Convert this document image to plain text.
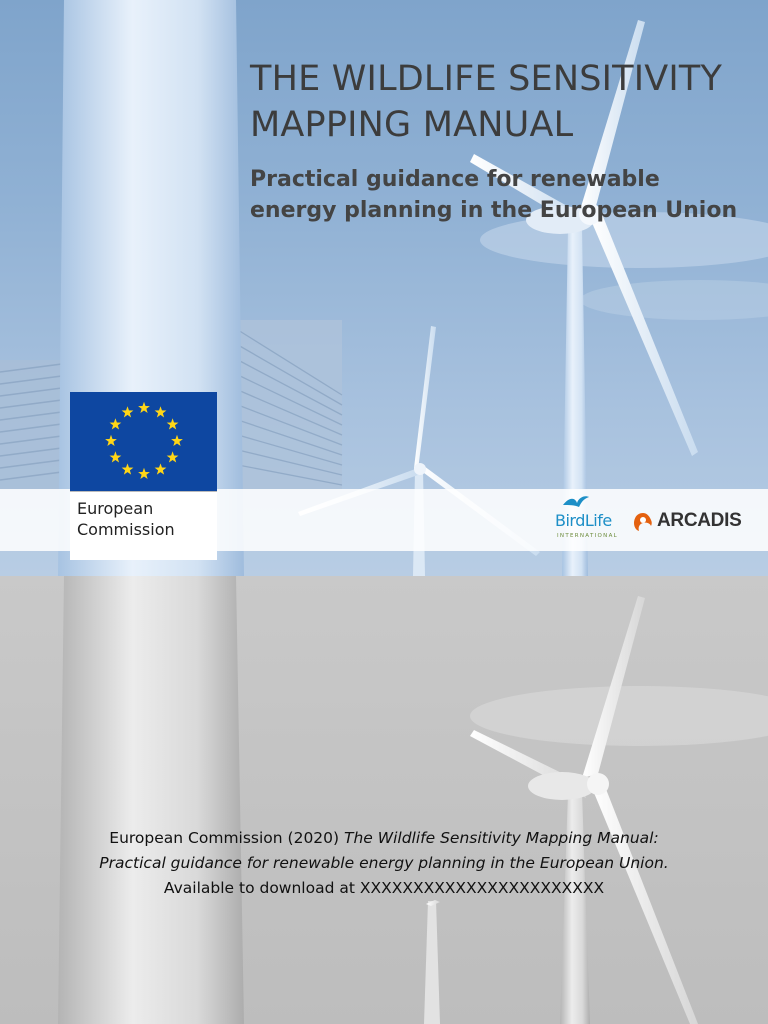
THE WILDLIFE SENSITIVITY
MAPPING MANUAL
Practical guidance for renewable
energy planning in the European Union

European
Commission	BirdLife
INTERNATIONAL
ARCADIS

European Commission (2020) The Wildlife Sensitivity Mapping Manual:
Practical guidance for renewable energy planning in the European Union.
Available to download at XXXXXXXXXXXXXXXXXXXXXXX
